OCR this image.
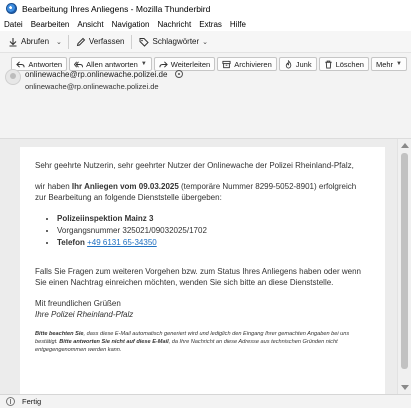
Bearbeitung Ihres Anliegens - Mozilla Thunderbird
Datei Bearbeiten Ansicht Navigation Nachricht Extras Hilfe
Abrufen	⌄	Verfassen	Schlagwörter ⌄
Antworten	Allen antworten ▼	Weiterleiten	Archivieren	Junk	Löschen Mehr ▼
onlinewache@rp.onlinewache.polizei.de
onlinewache@rp.onlinewache.polizei.de

Sehr geehrte Nutzerin, sehr geehrter Nutzer der Onlinewache der Polizei Rheinland-Pfalz,

wir haben Ihr Anliegen vom 09.03.2025 (temporäre Nummer 8299-5052-8901) erfolgreich zur Bearbeitung an folgende Dienststelle übergeben:

• Polizeiinspektion Mainz 3
• Vorgangsnummer 325021/09032025/1702
• Telefon +49 6131 65-34350

Falls Sie Fragen zum weiteren Vorgehen bzw. zum Status Ihres Anliegens haben oder wenn Sie einen Nachtrag einreichen möchten, wenden Sie sich bitte an diese Dienststelle.

Mit freundlichen Grüßen
Ihre Polizei Rheinland-Pfalz

Bitte beachten Sie, dass diese E-Mail automatisch generiert wird und lediglich den Eingang Ihrer gemachten Angaben bei uns bestätigt. Bitte antworten Sie nicht auf diese E-Mail, da Ihre Nachricht an diese Adresse aus technischen Gründen nicht entgegengenommen werden kann.

Fertig
